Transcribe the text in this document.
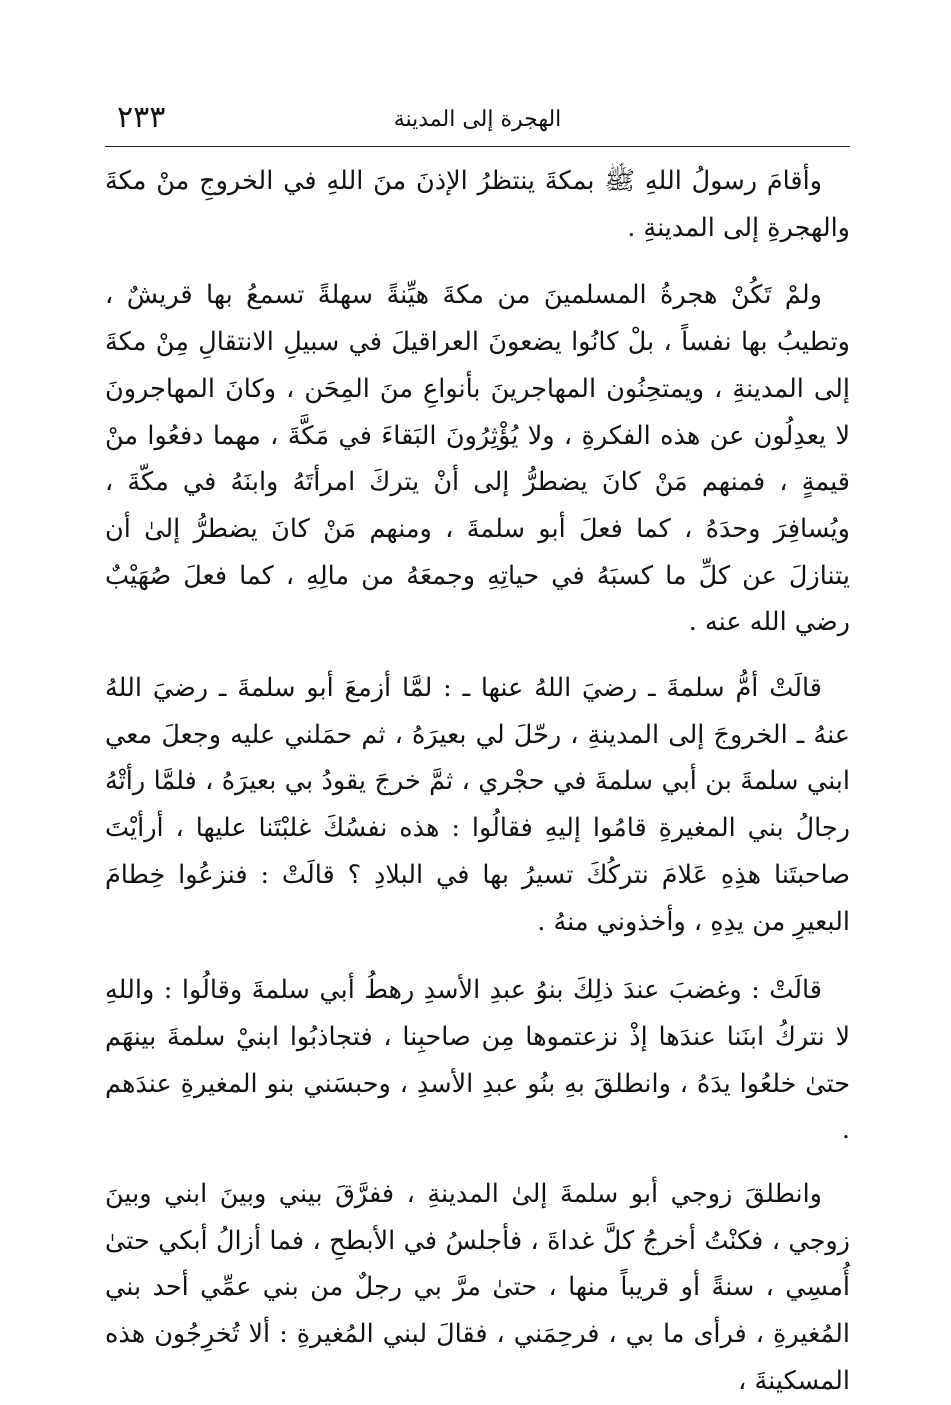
٢٣٣	الهجرة إلى المدينة

وأقامَ رسولُ اللهِ ﷺ بمكةَ ينتظرُ الإذنَ منَ اللهِ في الخروجِ منْ مكةَ والهجرةِ إلى المدينةِ .

ولمْ تَكُنْ هجرةُ المسلمينَ من مكةَ هيِّنةً سهلةً تسمعُ بها قريشٌ ، وتطيبُ بها نفساً ، بلْ كانُوا يضعونَ العراقيلَ في سبيلِ الانتقالِ مِنْ مكةَ إلى المدينةِ ، ويمتحِنُون المهاجرينَ بأنواعِ منَ المِحَن ، وكانَ المهاجرونَ لا يعدِلُون عن هذه الفكرةِ ، ولا يُؤْثِرُونَ البَقاءَ في مَكَّةَ ، مهما دفعُوا منْ قيمةٍ ، فمنهم مَنْ كانَ يضطرُّ إلى أنْ يتركَ امرأتَهُ وابنَهُ في مكّةَ ، ويُسافِرَ وحدَهُ ، كما فعلَ أبو سلمةَ ، ومنهم مَنْ كانَ يضطرُّ إلىٰ أن يتنازلَ عن كلِّ ما كسبَهُ في حياتِهِ وجمعَهُ من مالِهِ ، كما فعلَ صُهَيْبٌ رضي الله عنه .

قالَتْ أمُّ سلمةَ ـ رضيَ اللهُ عنها ـ : لمَّا أزمعَ أبو سلمةَ ـ رضيَ اللهُ عنهُ ـ الخروجَ إلى المدينةِ ، رحّلَ لي بعيرَهُ ، ثم حمَلني عليه وجعلَ معي ابني سلمةَ بن أبي سلمةَ في حجْري ، ثمَّ خرجَ يقودُ بي بعيرَهُ ، فلمَّا رأتْهُ رجالُ بني المغيرةِ قامُوا إليهِ فقالُوا : هذه نفسُكَ غلبْتَنا عليها ، أرأيْتَ صاحبتَنا هذِهِ عَلامَ نتركُكَ تسيرُ بها في البلادِ ؟ قالَتْ : فنزعُوا خِطامَ البعيرِ من يدِهِ ، وأخذوني منهُ .

قالَتْ : وغضبَ عندَ ذلِكَ بنوُ عبدِ الأسدِ رهطُ أبي سلمةَ وقالُوا : واللهِ لا نتركُ ابنَنا عندَها إذْ نزعتموها مِن صاحبِنا ، فتجاذبُوا ابنيْ سلمةَ بينهَم حتىٰ خلعُوا يدَهُ ، وانطلقَ بهِ بنُو عبدِ الأسدِ ، وحبسَني بنو المغيرةِ عندَهم .

وانطلقَ زوجي أبو سلمةَ إلىٰ المدينةِ ، ففرَّقَ بيني وبينَ ابني وبينَ زوجي ، فكنْتُ أخرجُ كلَّ غداةَ ، فأجلسُ في الأبطحِ ، فما أزالُ أبكي حتىٰ أُمسِي ، سنةً أو قريباً منها ، حتىٰ مرَّ بي رجلٌ من بني عمِّي أحد بني المُغيرةِ ، فرأى ما بي ، فرحِمَني ، فقالَ لبني المُغيرةِ : ألا تُخرِجُون هذه المسكينةَ ،
